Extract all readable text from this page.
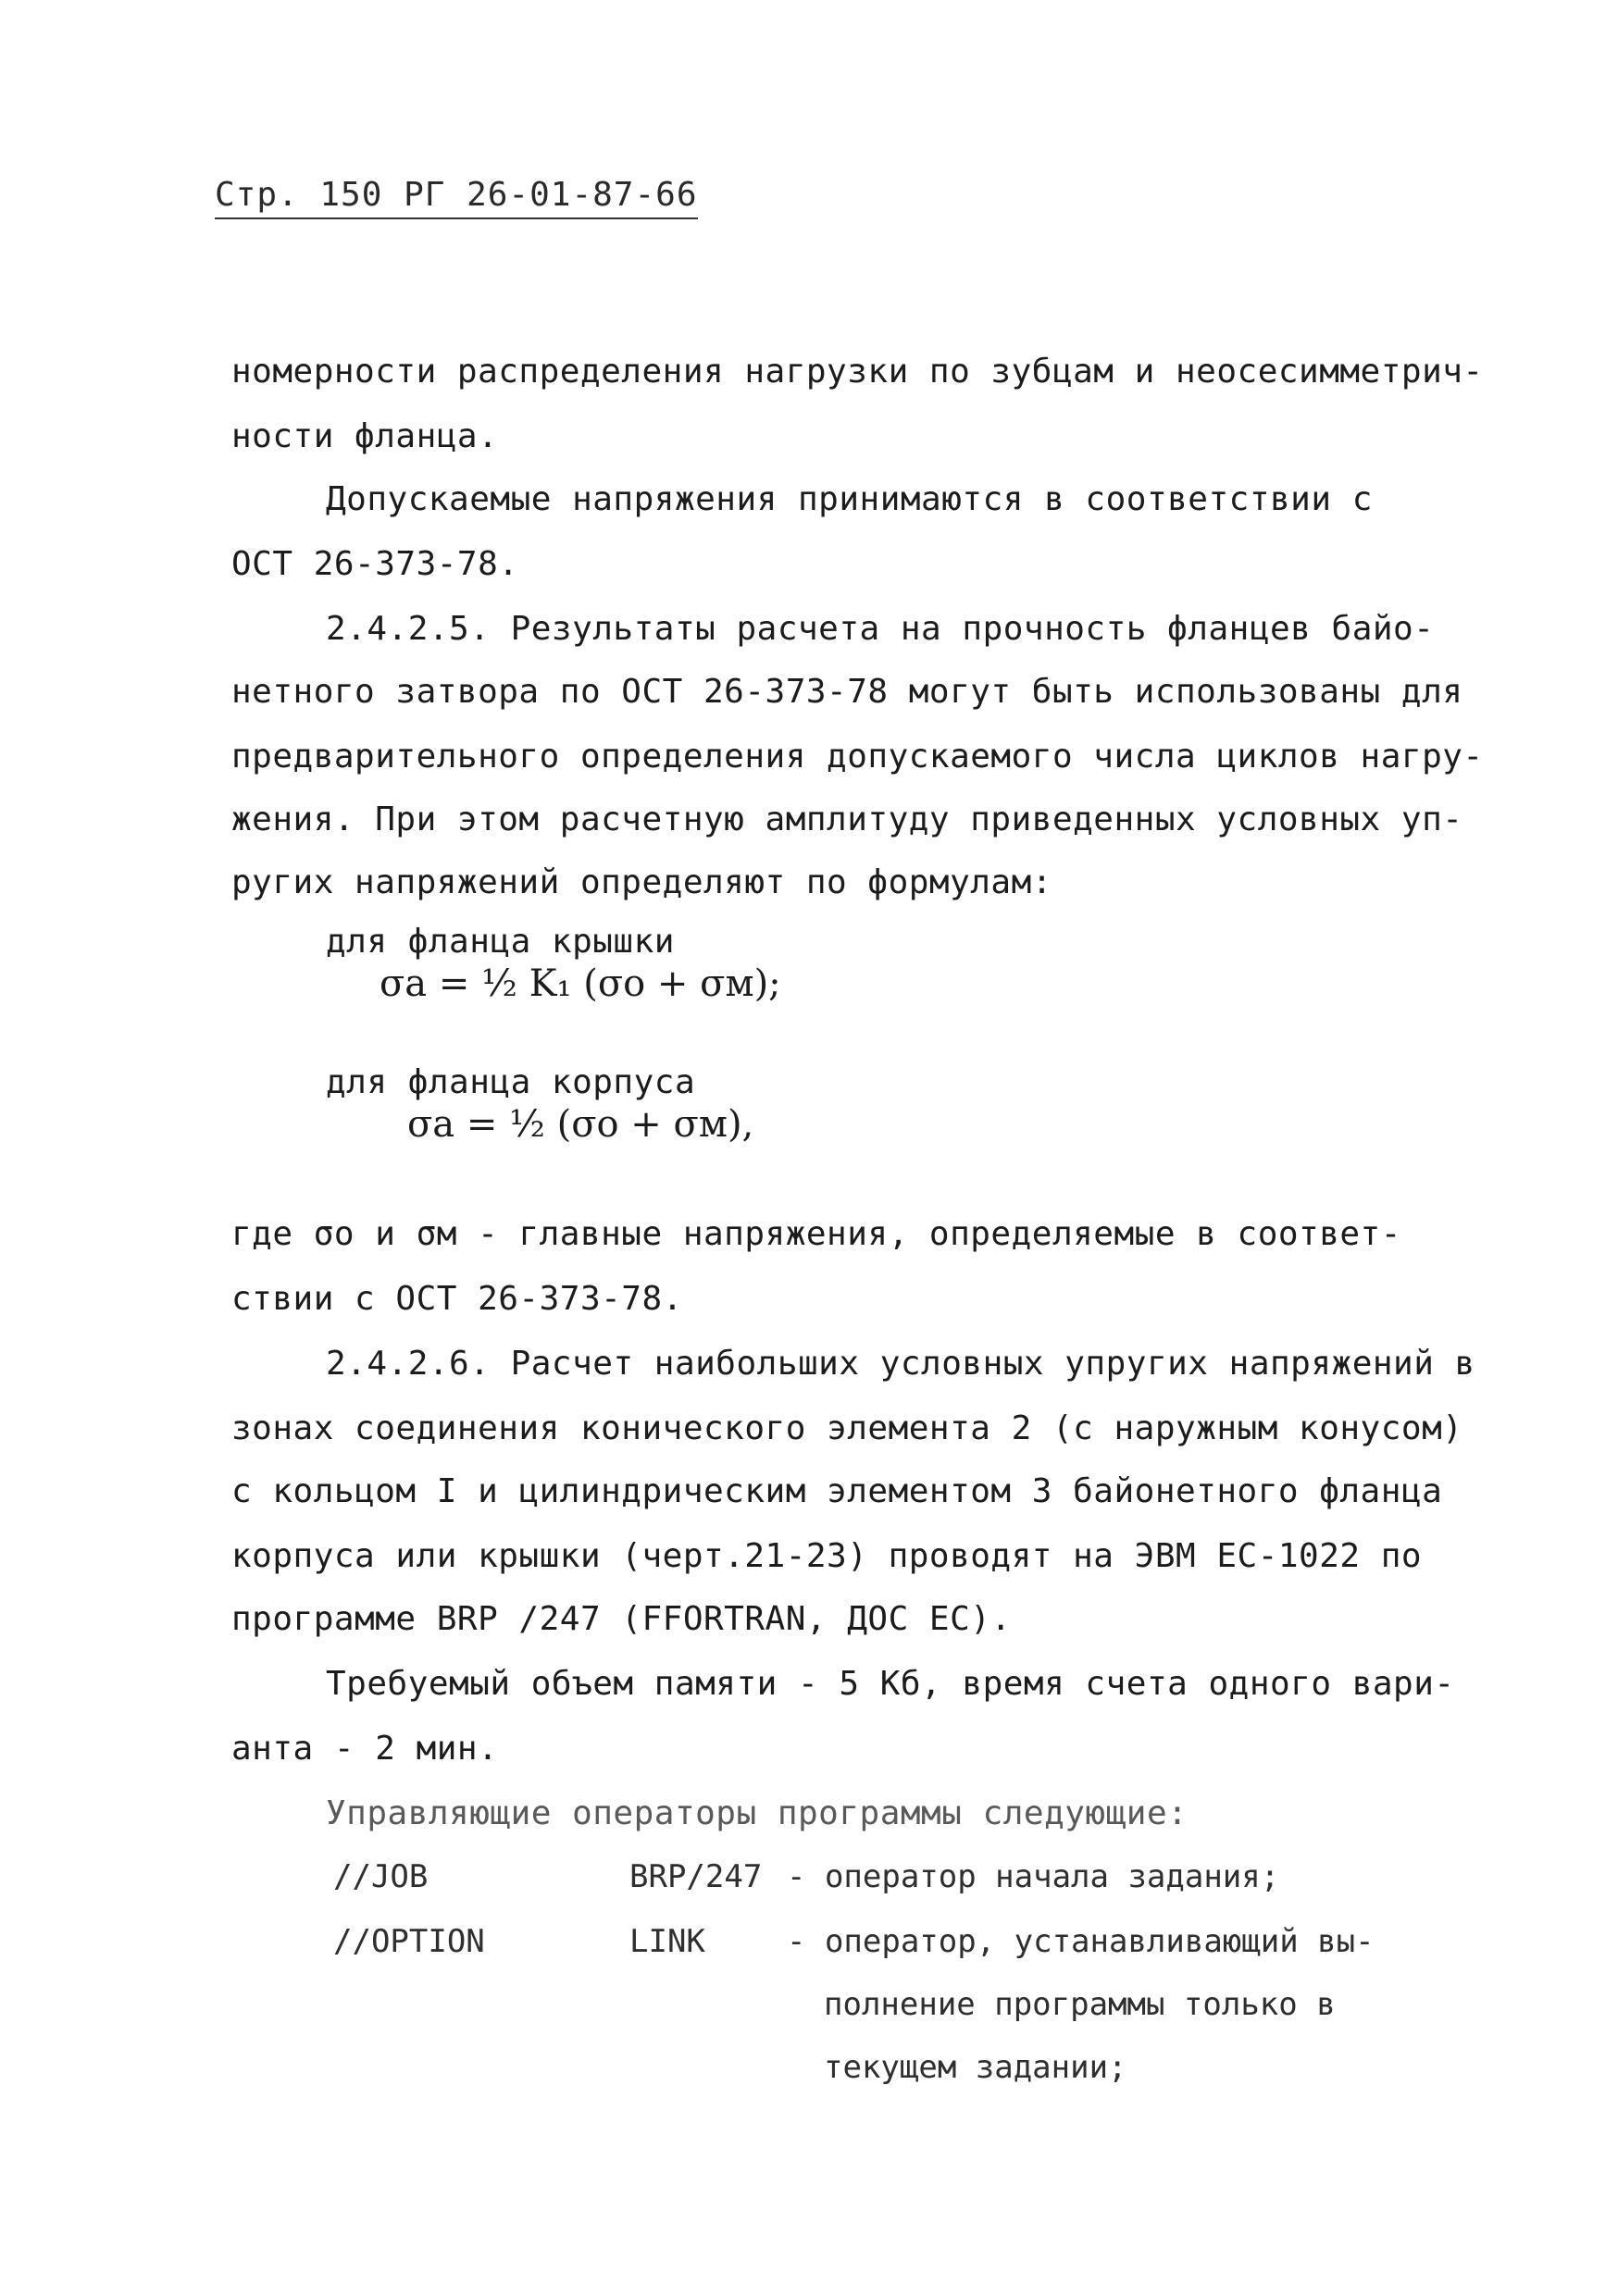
Стр. 150 РГ 26-01-87-66
номерности распределения нагрузки по зубцам и неосесимметрич-
ности фланца.
Допускаемые напряжения принимаются в соответствии с
ОСТ 26-373-78.
2.4.2.5. Результаты расчета на прочность фланцев байо-
нетного затвора по ОСТ 26-373-78 могут быть использованы для
предварительного определения допускаемого числа циклов нагру-
жения. При этом расчетную амплитуду приведенных условных уп-
ругих напряжений определяют по формулам:
для фланца крышки
σa = ½ K₁ (σo + σм);
для фланца корпуса
σa = ½ (σo + σм),
где σo и σм - главные напряжения, определяемые в соответ-
ствии с ОСТ 26-373-78.
2.4.2.6. Расчет наибольших условных упругих напряжений в
зонах соединения конического элемента 2 (с наружным конусом)
с кольцом I и цилиндрическим элементом 3 байонетного фланца
корпуса или крышки (черт.21-23) проводят на ЭВМ ЕС-1022 по
программе BRP /247 (FFORTRAN, ДОС ЕС).
Требуемый объем памяти - 5 Кб, время счета одного вари-
анта - 2 мин.
Управляющие операторы программы следующие:
//JOB	BRP/247 - оператор начала задания;
//OPTION	LINK	- оператор, устанавливающий вы-
полнение программы только в
текущем задании;
